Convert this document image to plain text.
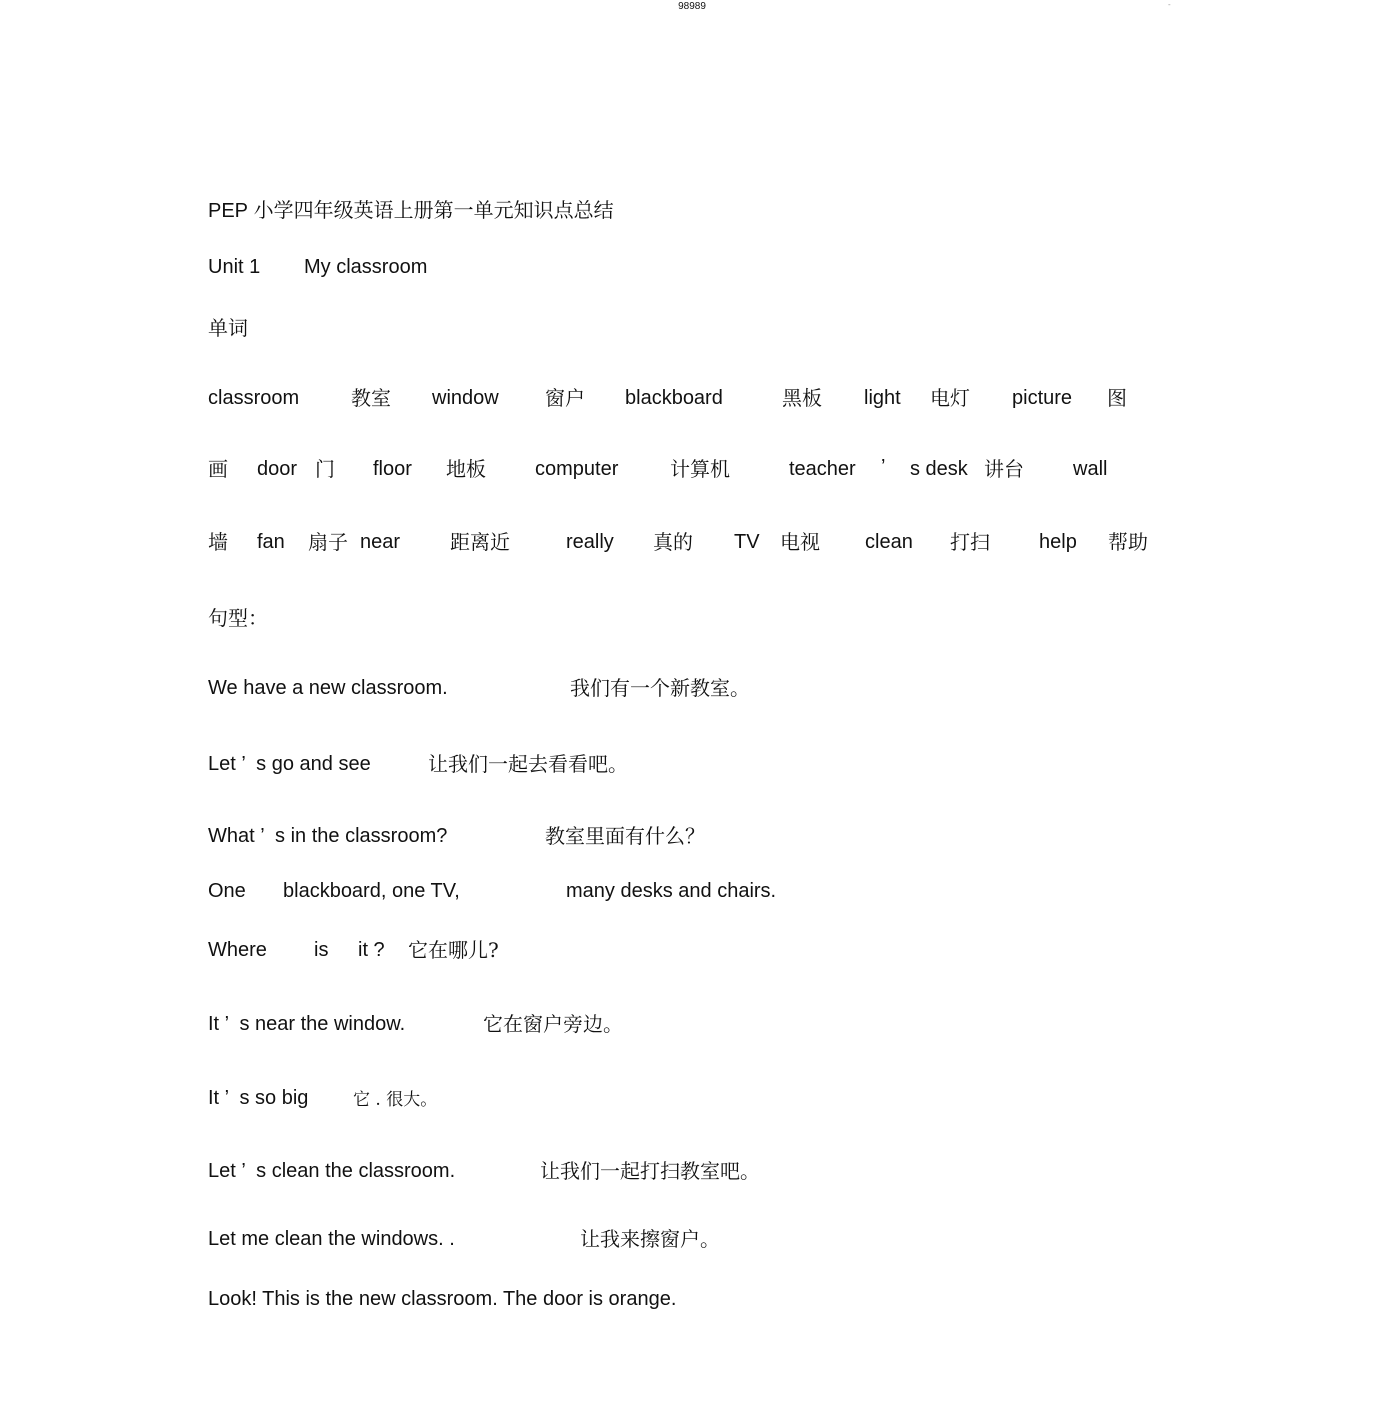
98989	-
PEP 小学四年级英语上册第一单元知识点总结
Unit 1 My classroom
单词
classroom	教室 window 窗户 blackboard	黑板 light 电灯 picture 图
画 door 门 floor 地板 computer	计算机	teacher ’ s desk 讲台 wall
墙 fan 扇子 near 距离近	really 真的 TV 电视 clean 打扫 help 帮助
句型：
We have a new classroom.	我们有一个新教室。
Let ’  s go and see	让我们一起去看看吧。
What ’  s in the classroom?	教室里面有什么？
One blackboard, one TV,	many desks and chairs.
Where is it ? 它在哪儿?
It ’  s near the window.	它在窗户旁边。
It ’  s so big	它 . 很大。
Let ’  s clean the classroom.	让我们一起打扫教室吧。
Let me clean the windows. .	让我来擦窗户。
Look! This is the new classroom. The door is orange.
